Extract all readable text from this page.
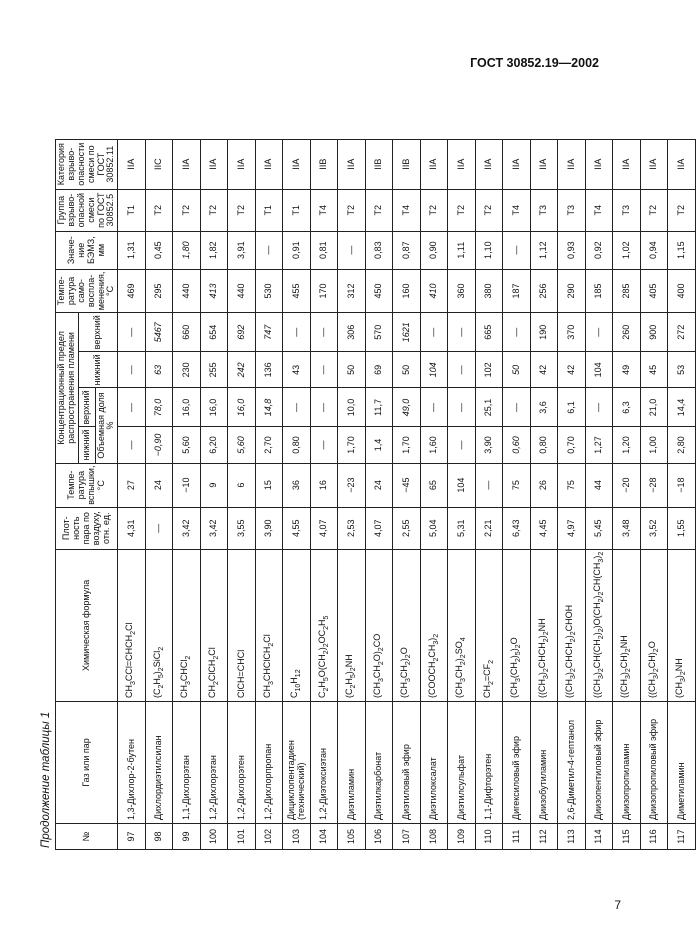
ГОСТ 30852.19—2002
Продолжение таблицы 1	№	Газ или пар	Химическая формула	Плот- ность пара по воздуху, отн. ед.	Темпе- ратура вспышки, °С	Концентрационный предел распространения пламени				Темпе- ратура само- воспла- менения, °С	Значе- ние БЭМЗ, мм	Группа взрыво- опасной смеси по ГОСТ 30852.5	Категория взрыво- опасности смеси по ГОСТ 30852.11
					нижний	верхний	нижний	верхний				
					Объемная доля %							
97	1,3-Дихлор-2-бутен	$CH_3CCl=CHCH_2Cl$	4,31	27	—	—	—	—	469	1,31	T1	IIA
98	Дихлордиэтилсилан	$(C_2H_5)_2SiCl_2$	—	24	−0,90	78,0	63	5467	295	0,45	T2	IIC
99	1,1-Дихлорэтан	$CH_3CHCl_2$	3,42	−10	5,60	16,0	230	660	440	1,80	T2	IIA
100	1,2-Дихлорэтан	$CH_2ClCH_2Cl$	3,42	9	6,20	16,0	255	654	413	1,82	T2	IIA
101	1,2-Дихлорэтен	ClCH=CHCl	3,55	6	5,60	16,0	242	692	440	3,91	T2	IIA
102	1,2-Дихлорпропан	$CH_3CHClCH_2Cl$	3,90	15	2,70	14,8	136	747	530	—	T1	IIA
103	Дициклопентадиен (технический)	$C_{10}H_{12}$	4,55	36	0,80	—	43	—	455	0,91	T1	IIA
104	1,2-Диэтоксиэтан	$C_2H_5O(CH_2)_2OC_2H_5$	4,07	16	—	—	—	—	170	0,81	T4	IIB
105	Диэтиламин	$(C_2H_5)_2NH$	2,53	−23	1,70	10,0	50	306	312	—	T2	IIA
106	Диэтилкарбонат	$(CH_3CH_2O)_2CO$	4,07	24	1,4	11,7	69	570	450	0,83	T2	IIB
107	Диэтиловый эфир	$(CH_3CH_2)_2O$	2,55	−45	1,70	49,0	50	1621	160	0,87	T4	IIB
108	Диэтилоксалат	$(COOCH_2CH_3)_2$	5,04	65	1,60	—	104	—	410	0,90	T2	IIA
109	Диэтилсульфат	$(CH_3CH_2)_2SO_4$	5,31	104	—	—	—	—	360	1,11	T2	IIA
110	1,1-Дифторэтен	$CH_2=CF_2$	2,21	—	3,90	25,1	102	665	380	1,10	T2	IIA
111	Дигексиловый эфир	$(CH_3(CH_2)_5)_2O$	6,43	75	0,60	—	50	—	187	—	T4	IIA
112	Диизобутиламин	$((CH_3)_2CHCH_2)_2NH$	4,45	26	0,80	3,6	42	190	256	1,12	T3	IIA
113	2,6-Диметил-4-гептанол	$((CH_3)_2CHCH_2)_2CHOH$	4,97	75	0,70	6,1	42	370	290	0,93	T3	IIA
114	Диизопентиловый эфир	$((CH_3)_2CH(CH_2)_2)O(CH_2)_2CH(CH_3)_2$	5,45	44	1,27	—	104	—	185	0,92	T4	IIA
115	Диизопропиламин	$((CH_3)_2CH)_2NH$	3,48	−20	1,20	6,3	49	260	285	1,02	T3	IIA
116	Диизопропиловый эфир	$((CH_3)_2CH)_2O$	3,52	−28	1,00	21,0	45	900	405	0,94	T2	IIA
117	Диметиламин	$(CH_3)_2NH$	1,55	−18	2,80	14,4	53	272	400	1,15	T2	IIA
7
